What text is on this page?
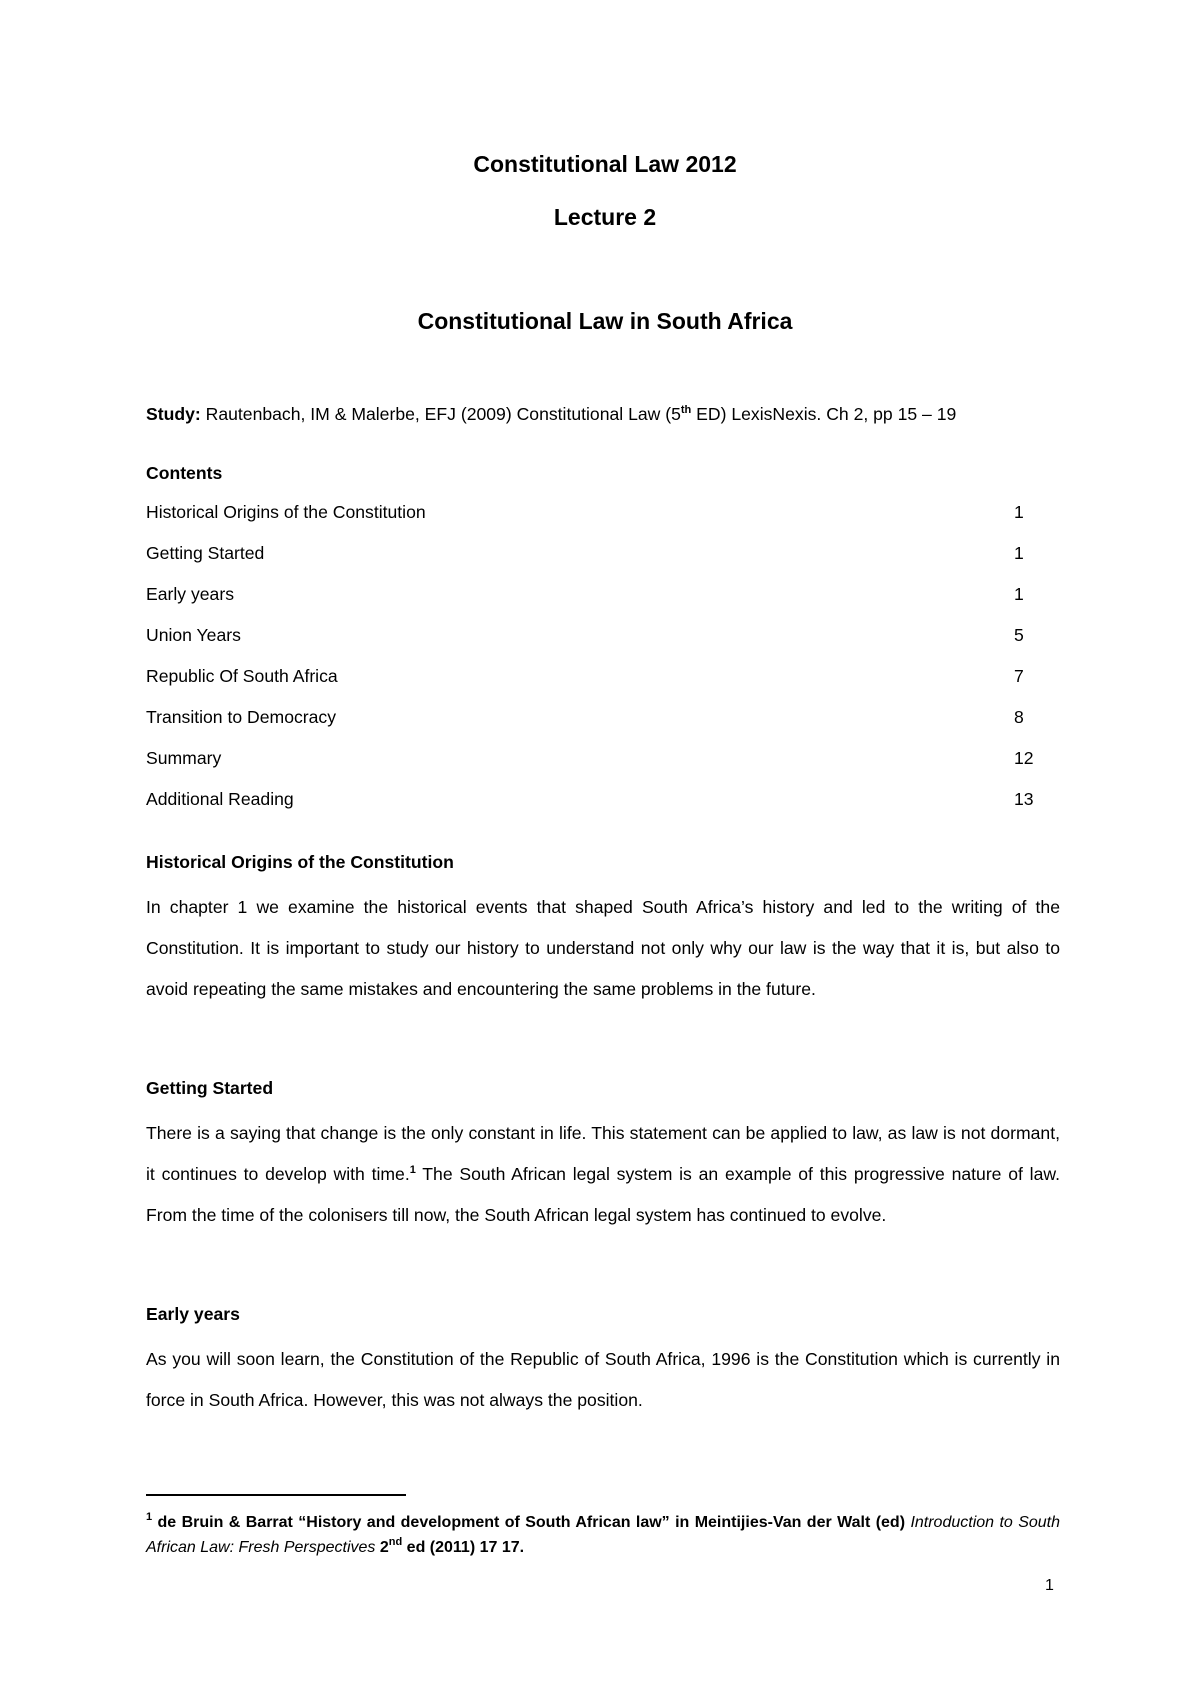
Constitutional Law 2012
Lecture 2
Constitutional Law in South Africa
Study: Rautenbach, IM & Malerbe, EFJ (2009) Constitutional Law (5th ED) LexisNexis. Ch 2, pp 15 – 19
Contents
Historical Origins of the Constitution	1
Getting Started	1
Early years	1
Union Years	5
Republic Of South Africa	7
Transition to Democracy	8
Summary	12
Additional Reading	13
Historical Origins of the Constitution

In chapter 1 we examine the historical events that shaped South Africa’s history and led to the writing of the Constitution. It is important to study our history to understand not only why our law is the way that it is, but also to avoid repeating the same mistakes and encountering the same problems in the future.

Getting Started

There is a saying that change is the only constant in life. This statement can be applied to law, as law is not dormant, it continues to develop with time.$^1$ The South African legal system is an example of this progressive nature of law. From the time of the colonisers till now, the South African legal system has continued to evolve.

Early years

As you will soon learn, the Constitution of the Republic of South Africa, 1996 is the Constitution which is currently in force in South Africa. However, this was not always the position.

$^1$ de Bruin & Barrat “History and development of South African law” in Meintijies-Van der Walt (ed) Introduction to South African Law: Fresh Perspectives 2nd ed (2011) 17 17.
1
